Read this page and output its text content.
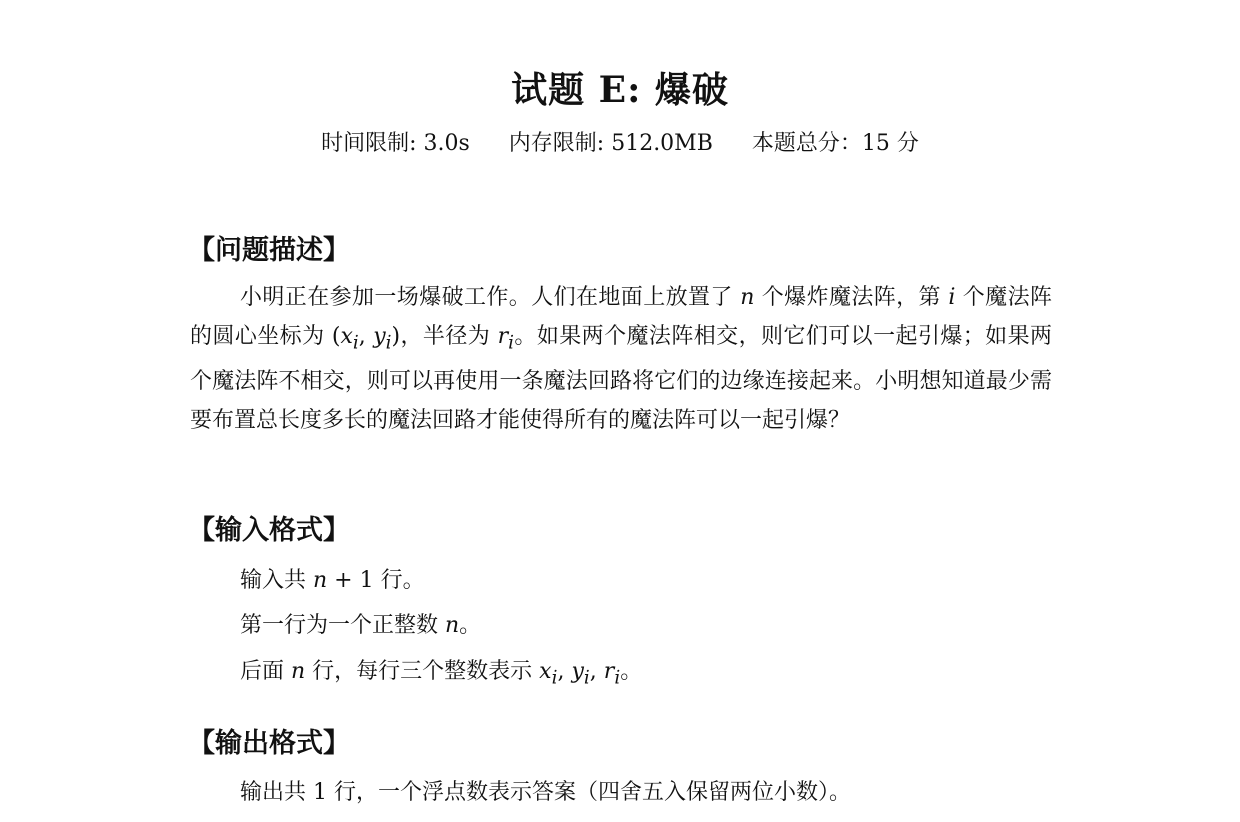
试题 E: 爆破
时间限制: 3.0s 内存限制: 512.0MB 本题总分：15 分
【问题描述】

小明正在参加一场爆破工作。人们在地面上放置了 n 个爆炸魔法阵，第 i 个魔法阵的圆心坐标为 ($x_i$, $y_i$)，半径为 $r_i$。如果两个魔法阵相交，则它们可以一起引爆；如果两个魔法阵不相交，则可以再使用一条魔法回路将它们的边缘连接起来。小明想知道最少需要布置总长度多长的魔法回路才能使得所有的魔法阵可以一起引爆？

【输入格式】
输入共 n + 1 行。
第一行为一个正整数 n。
后面 n 行，每行三个整数表示 $x_i$, $y_i$, $r_i$。
【输出格式】
输出共 1 行，一个浮点数表示答案（四舍五入保留两位小数）。
